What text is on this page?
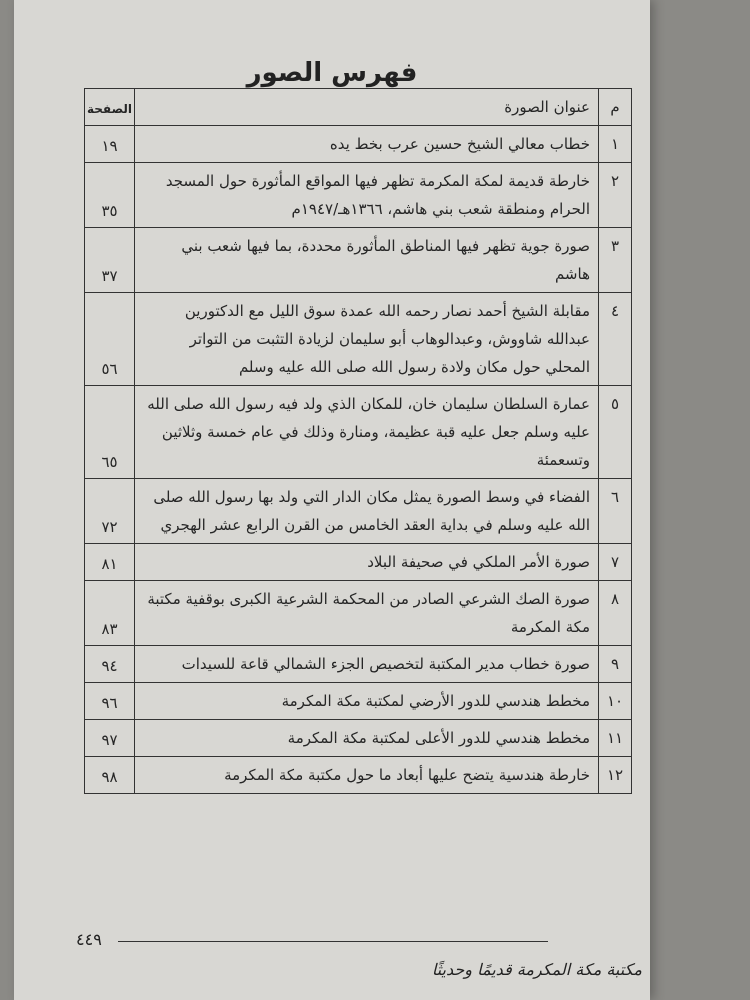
فهرس الصور
م	عنوان الصورة	الصفحة
١	خطاب معالي الشيخ حسين عرب بخط يده	١٩
٢	خارطة قديمة لمكة المكرمة تظهر فيها المواقع المأثورة حول المسجد الحرام ومنطقة شعب بني هاشم، ١٣٦٦هـ/١٩٤٧م	٣٥
٣	صورة جوية تظهر فيها المناطق المأثورة محددة، بما فيها شعب بني هاشم	٣٧
٤	مقابلة الشيخ أحمد نصار رحمه الله عمدة سوق الليل مع الدكتورين عبدالله شاووش، وعبدالوهاب أبو سليمان لزيادة التثبت من التواتر المحلي حول مكان ولادة رسول الله صلى الله عليه وسلم	٥٦
٥	عمارة السلطان سليمان خان، للمكان الذي ولد فيه رسول الله صلى الله عليه وسلم جعل عليه قبة عظيمة، ومنارة وذلك في عام خمسة وثلاثين وتسعمئة	٦٥
٦	الفضاء في وسط الصورة يمثل مكان الدار التي ولد بها رسول الله صلى الله عليه وسلم في بداية العقد الخامس من القرن الرابع عشر الهجري	٧٢
٧	صورة الأمر الملكي في صحيفة البلاد	٨١
٨	صورة الصك الشرعي الصادر من المحكمة الشرعية الكبرى بوقفية مكتبة مكة المكرمة	٨٣
٩	صورة خطاب مدير المكتبة لتخصيص الجزء الشمالي قاعة للسيدات	٩٤
١٠	مخطط هندسي للدور الأرضي لمكتبة مكة المكرمة	٩٦
١١	مخطط هندسي للدور الأعلى لمكتبة مكة المكرمة	٩٧
١٢	خارطة هندسية يتضح عليها أبعاد ما حول مكتبة مكة المكرمة	٩٨
٤٤٩
مكتبة مكة المكرمة قديمًا وحديثًا
